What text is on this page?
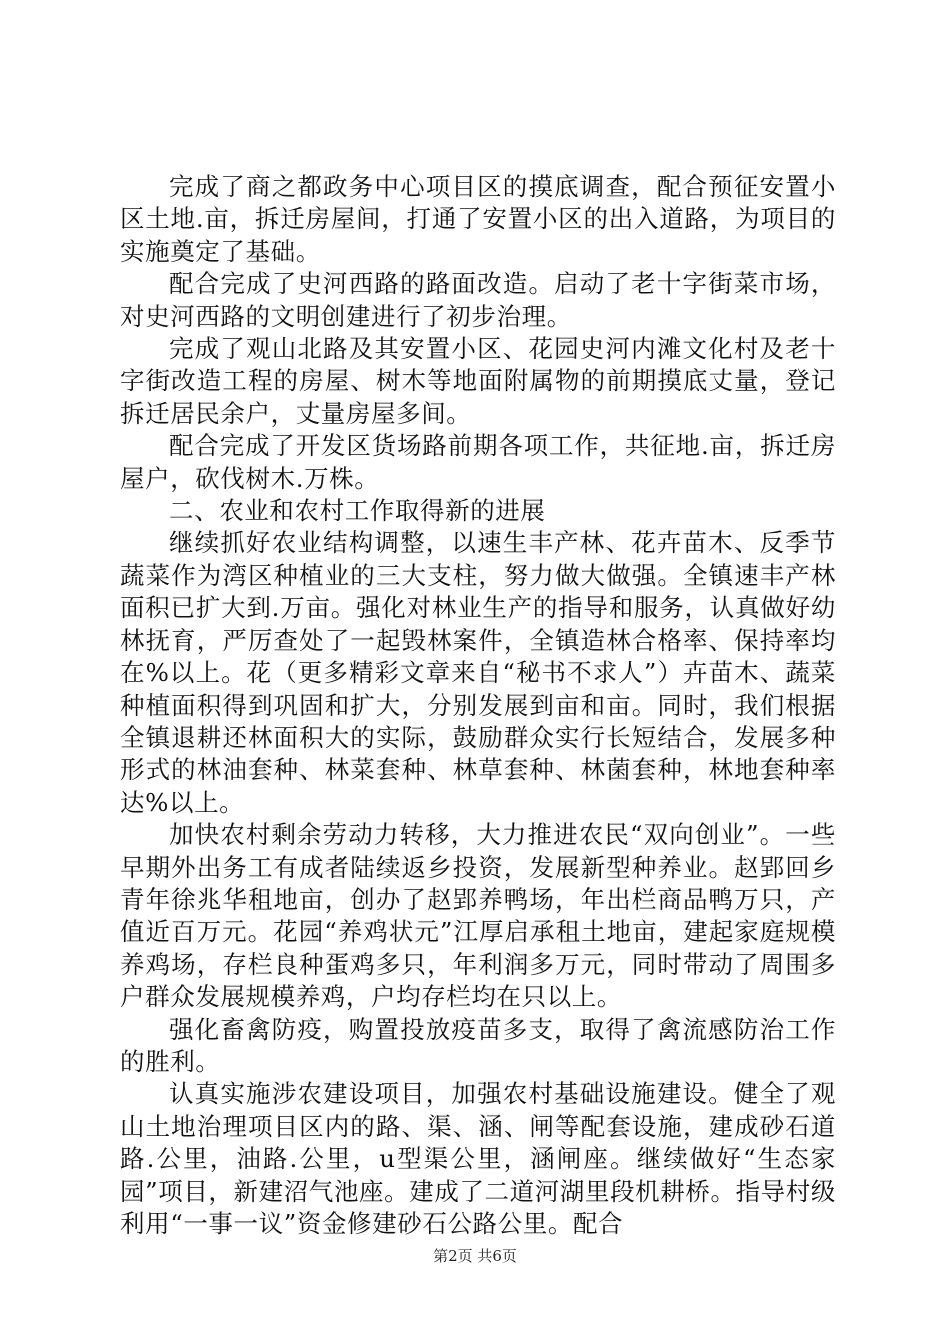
完成了商之都政务中心项目区的摸底调查，配合预征安置小区土地.亩，拆迁房屋间，打通了安置小区的出入道路，为项目的实施奠定了基础。

配合完成了史河西路的路面改造。启动了老十字街菜市场，对史河西路的文明创建进行了初步治理。

完成了观山北路及其安置小区、花园史河内滩文化村及老十字街改造工程的房屋、树木等地面附属物的前期摸底丈量，登记拆迁居民余户，丈量房屋多间。

配合完成了开发区货场路前期各项工作，共征地.亩，拆迁房屋户，砍伐树木.万株。

二、农业和农村工作取得新的进展

继续抓好农业结构调整，以速生丰产林、花卉苗木、反季节蔬菜作为湾区种植业的三大支柱，努力做大做强。全镇速丰产林面积已扩大到.万亩。强化对林业生产的指导和服务，认真做好幼林抚育，严厉查处了一起毁林案件，全镇造林合格率、保持率均在%以上。花（更多精彩文章来自“秘书不求人”）卉苗木、蔬菜种植面积得到巩固和扩大，分别发展到亩和亩。同时，我们根据全镇退耕还林面积大的实际，鼓励群众实行长短结合，发展多种形式的林油套种、林菜套种、林草套种、林菌套种，林地套种率达%以上。

加快农村剩余劳动力转移，大力推进农民“双向创业”。一些早期外出务工有成者陆续返乡投资，发展新型种养业。赵郢回乡青年徐兆华租地亩，创办了赵郢养鸭场，年出栏商品鸭万只，产值近百万元。花园“养鸡状元”江厚启承租土地亩，建起家庭规模养鸡场，存栏良种蛋鸡多只，年利润多万元，同时带动了周围多户群众发展规模养鸡，户均存栏均在只以上。

强化畜禽防疫，购置投放疫苗多支，取得了禽流感防治工作的胜利。

认真实施涉农建设项目，加强农村基础设施建设。健全了观山土地治理项目区内的路、渠、涵、闸等配套设施，建成砂石道路.公里，油路.公里，u型渠公里，涵闸座。继续做好“生态家园”项目，新建沼气池座。建成了二道河湖里段机耕桥。指导村级利用“一事一议”资金修建砂石公路公里。配合

第2页 共6页
